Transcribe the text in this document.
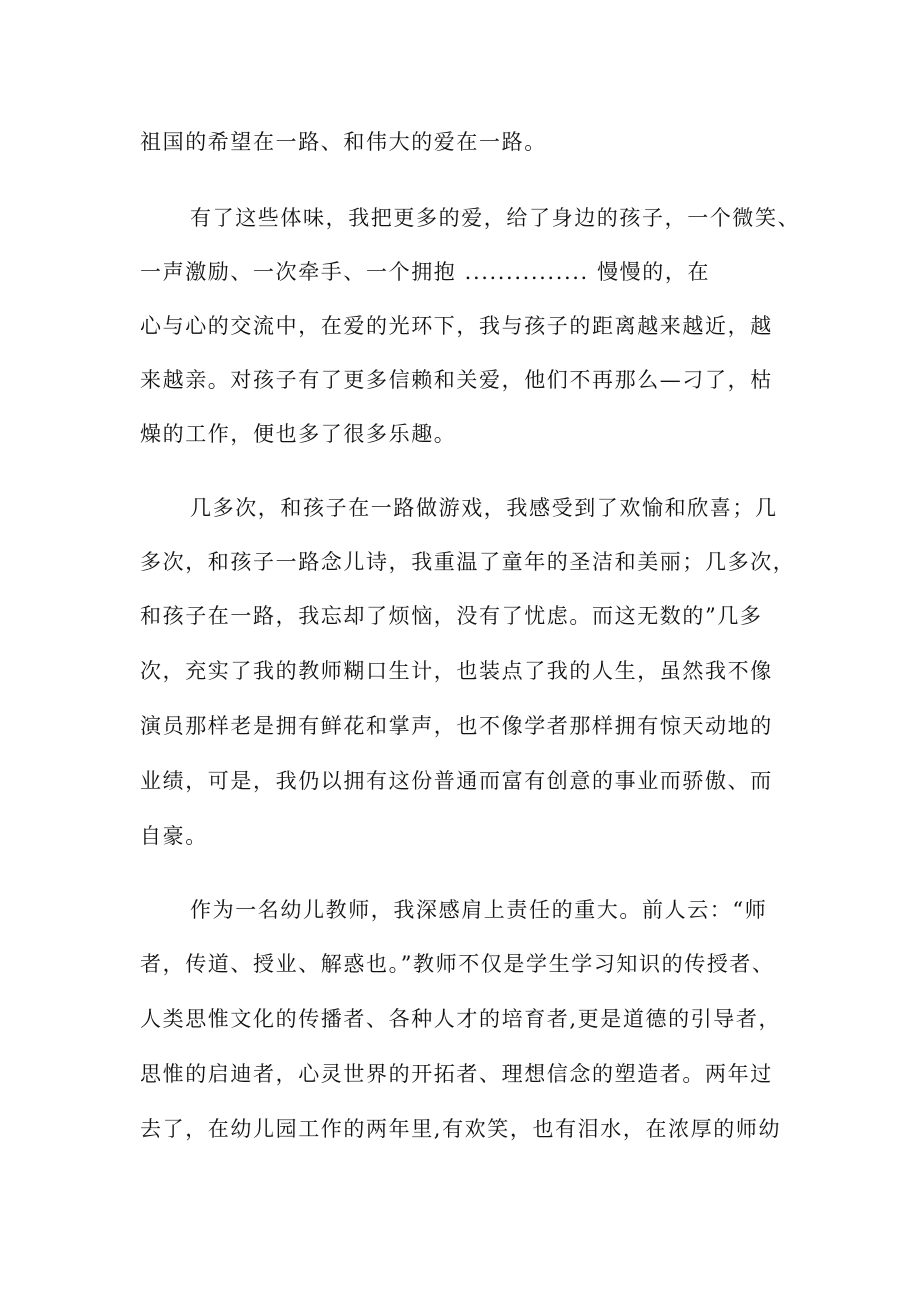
祖国的希望在一路、和伟大的爱在一路。
有了这些体味，我把更多的爱，给了身边的孩子，一个微笑、
一声激励、一次牵手、一个拥抱 ............... 慢慢的，在
心与心的交流中，在爱的光环下，我与孩子的距离越来越近，越
来越亲。对孩子有了更多信赖和关爱，他们不再那么—刁了，枯
燥的工作，便也多了很多乐趣。
几多次，和孩子在一路做游戏，我感受到了欢愉和欣喜；几
多次，和孩子一路念儿诗，我重温了童年的圣洁和美丽；几多次，
和孩子在一路，我忘却了烦恼，没有了忧虑。而这无数的”几多
次，充实了我的教师糊口生计，也装点了我的人生，虽然我不像
演员那样老是拥有鲜花和掌声，也不像学者那样拥有惊天动地的
业绩，可是，我仍以拥有这份普通而富有创意的事业而骄傲、而
自豪。
作为一名幼儿教师，我深感肩上责任的重大。前人云：“师
者，传道、授业、解惑也。”教师不仅是学生学习知识的传授者、
人类思惟文化的传播者、各种人才的培育者,更是道德的引导者，
思惟的启迪者，心灵世界的开拓者、理想信念的塑造者。两年过
去了，在幼儿园工作的两年里,有欢笑，也有泪水，在浓厚的师幼
